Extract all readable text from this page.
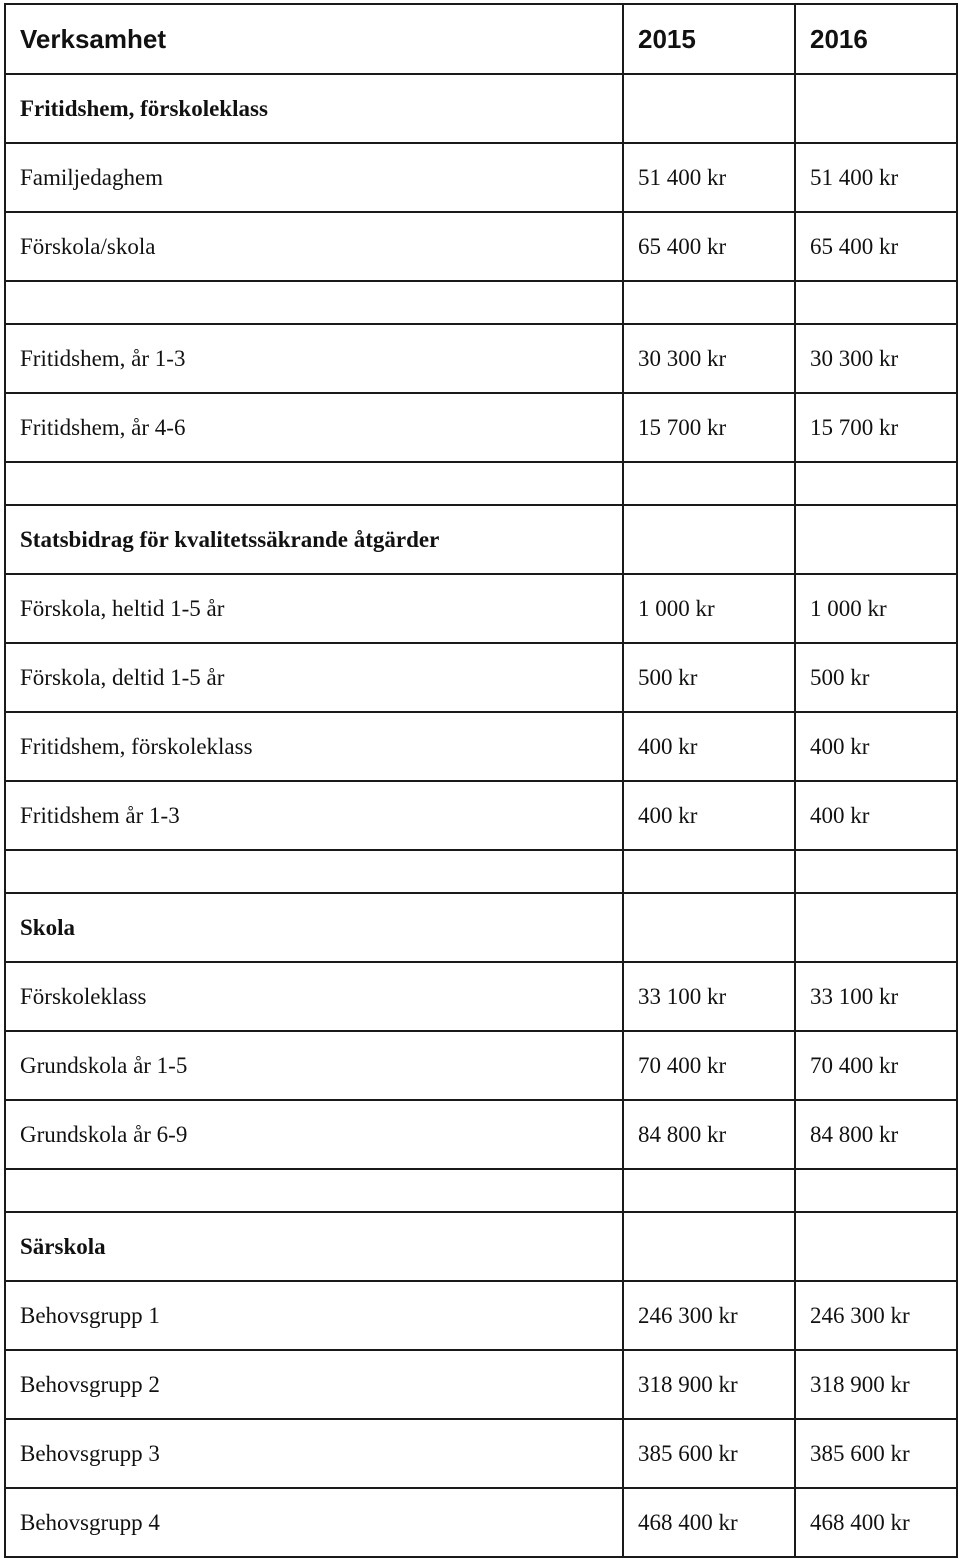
Verksamhet	2015	2016
Fritidshem, förskoleklass		
Familjedaghem	51 400 kr	51 400 kr
Förskola/skola	65 400 kr	65 400 kr

Fritidshem, år 1-3	30 300 kr	30 300 kr
Fritidshem, år 4-6	15 700 kr	15 700 kr

Statsbidrag för kvalitetssäkrande åtgärder		
Förskola, heltid 1-5 år	1 000 kr	1 000 kr
Förskola, deltid 1-5 år	500 kr	500 kr
Fritidshem, förskoleklass	400 kr	400 kr
Fritidshem år 1-3	400 kr	400 kr

Skola		
Förskoleklass	33 100 kr	33 100 kr
Grundskola år 1-5	70 400 kr	70 400 kr
Grundskola år 6-9	84 800 kr	84 800 kr

Särskola		
Behovsgrupp 1	246 300 kr	246 300 kr
Behovsgrupp 2	318 900 kr	318 900 kr
Behovsgrupp 3	385 600 kr	385 600 kr
Behovsgrupp 4	468 400 kr	468 400 kr
